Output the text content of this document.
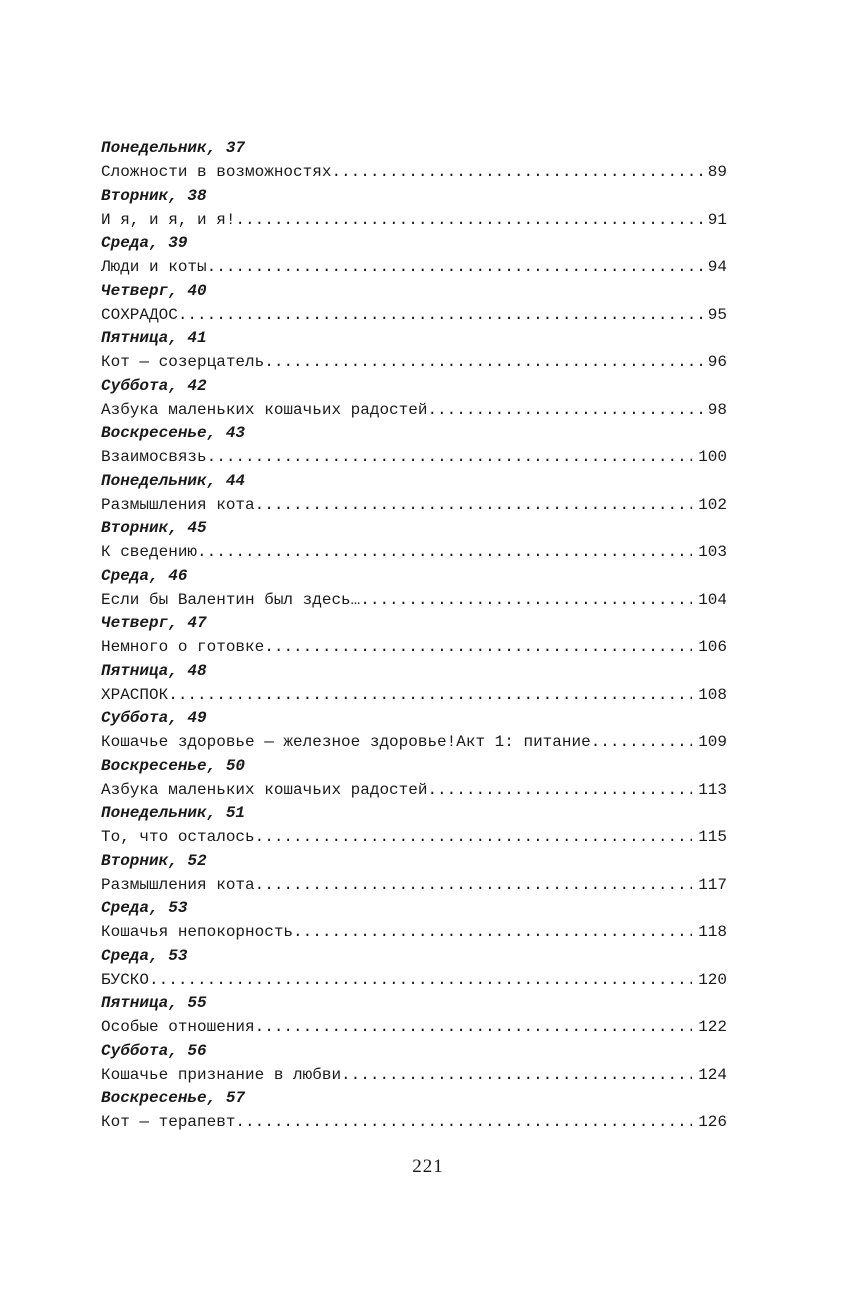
Понедельник, 37
Сложности в возможностях .....	89
Вторник, 38
И я, и я, и я! .....	91
Среда, 39
Люди и коты .....	94
Четверг, 40
СОХРАДОС .....	95
Пятница, 41
Кот — созерцатель .....	96
Суббота, 42
Азбука маленьких кошачьих радостей .....	98
Воскресенье, 43
Взаимосвязь .....	100
Понедельник, 44
Размышления кота .....	102
Вторник, 45
К сведению .....	103
Среда, 46
Если бы Валентин был здесь… .....	104
Четверг, 47
Немного о готовке .....	106
Пятница, 48
ХРАСПОК .....	108
Суббота, 49
Кошачье здоровье — железное здоровье!Акт 1: питание .....	109
Воскресенье, 50
Азбука маленьких кошачьих радостей .....	113
Понедельник, 51
То, что осталось .....	115
Вторник, 52
Размышления кота .....	117
Среда, 53
Кошачья непокорность .....	118
Среда, 53
БУСКО .....	120
Пятница, 55
Особые отношения .....	122
Суббота, 56
Кошачье признание в любви .....	124
Воскресенье, 57
Кот — терапевт .....	126
221
